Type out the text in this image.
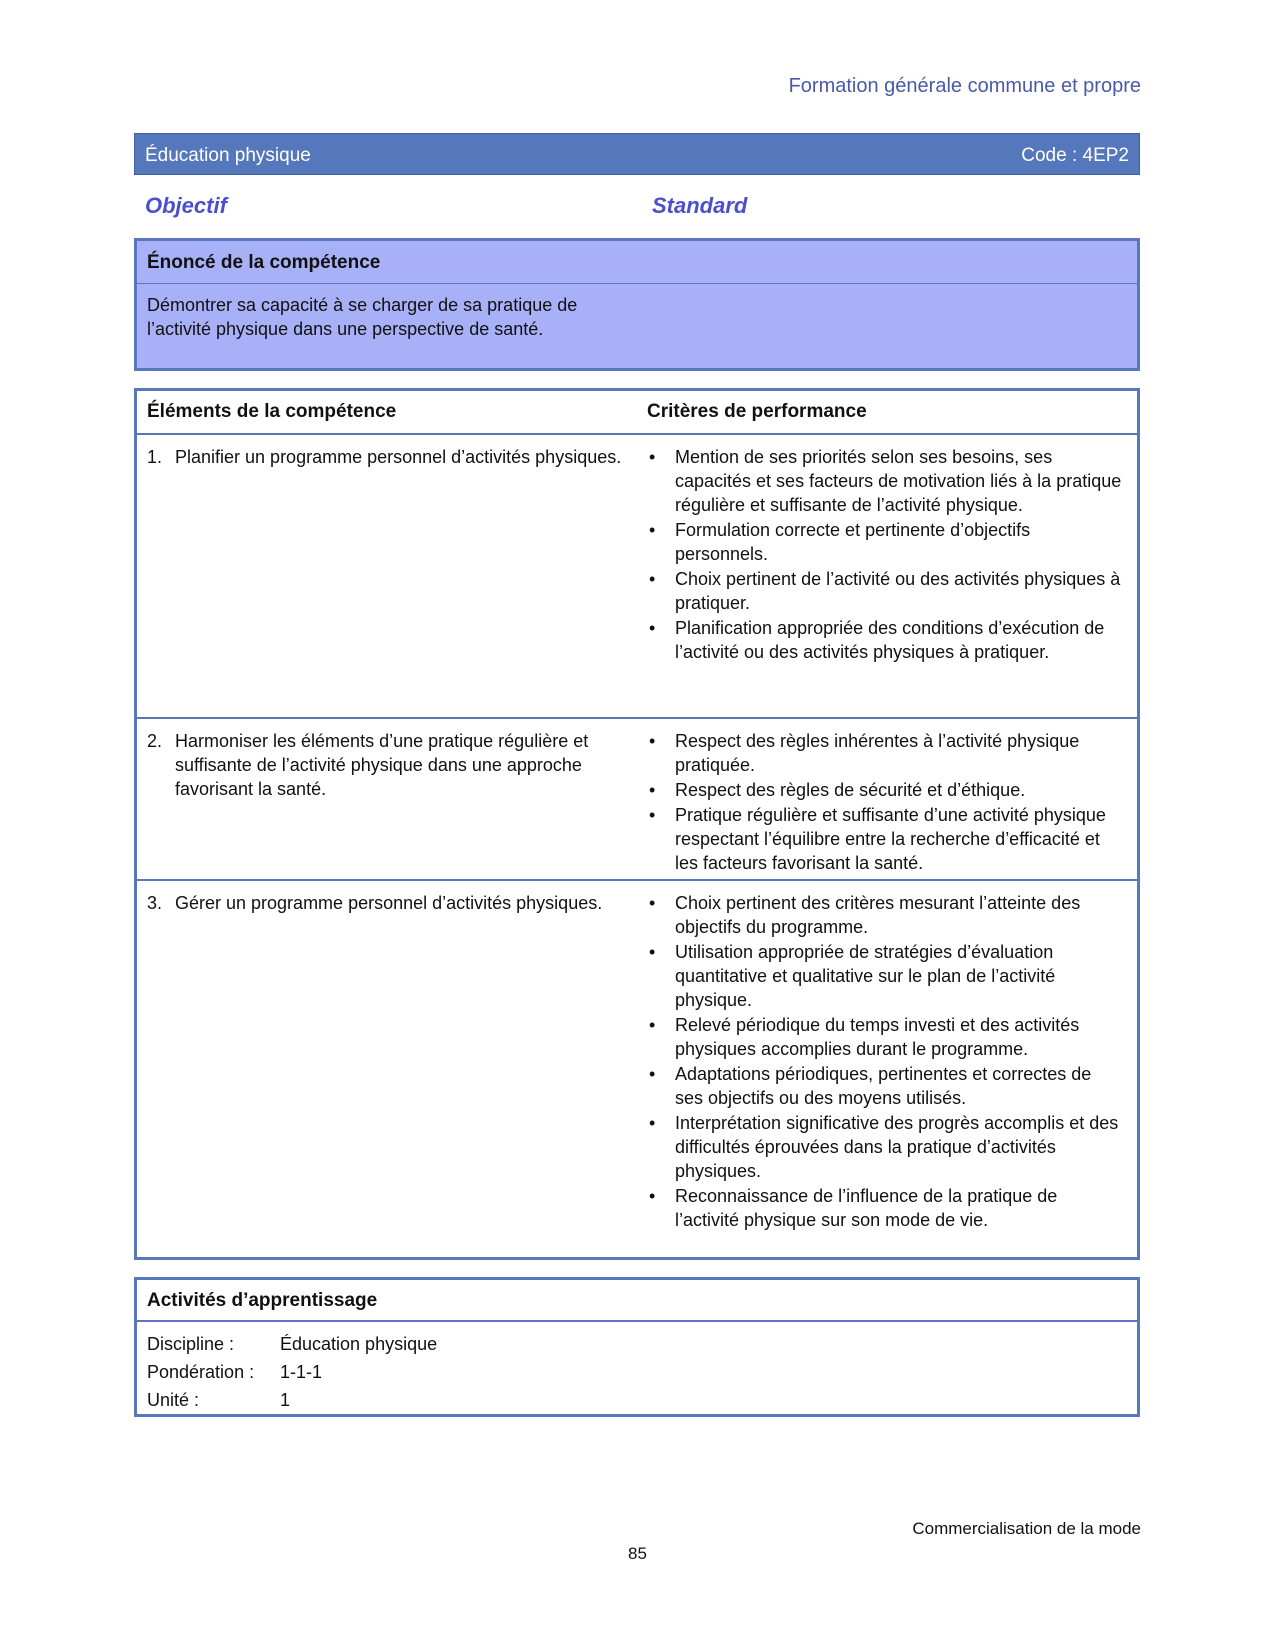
Formation générale commune et propre
Éducation physique	Code : 4EP2
Objectif	Standard
Énoncé de la compétence
Démontrer sa capacité à se charger de sa pratique de l’activité physique dans une perspective de santé.
Éléments de la compétence	Critères de performance
1. Planifier un programme personnel d’activités physiques.	• Mention de ses priorités selon ses besoins, ses capacités et ses facteurs de motivation liés à la pratique régulière et suffisante de l’activité physique.
• Formulation correcte et pertinente d’objectifs personnels.
• Choix pertinent de l’activité ou des activités physiques à pratiquer.
• Planification appropriée des conditions d’exécution de l’activité ou des activités physiques à pratiquer.
2. Harmoniser les éléments d’une pratique régulière et suffisante de l’activité physique dans une approche favorisant la santé.
• Respect des règles inhérentes à l’activité physique pratiquée.
• Respect des règles de sécurité et d’éthique.
• Pratique régulière et suffisante d’une activité physique respectant l’équilibre entre la recherche d’efficacité et les facteurs favorisant la santé.
3. Gérer un programme personnel d’activités physiques.	• Choix pertinent des critères mesurant l’atteinte des objectifs du programme.
• Utilisation appropriée de stratégies d’évaluation quantitative et qualitative sur le plan de l’activité physique.
• Relevé périodique du temps investi et des activités physiques accomplies durant le programme.
• Adaptations périodiques, pertinentes et correctes de ses objectifs ou des moyens utilisés.
• Interprétation significative des progrès accomplis et des difficultés éprouvées dans la pratique d’activités physiques.
• Reconnaissance de l’influence de la pratique de l’activité physique sur son mode de vie.
Activités d’apprentissage
Discipline :	Éducation physique
Pondération : 1-1-1
Unité :	1
Commercialisation de la mode
85
